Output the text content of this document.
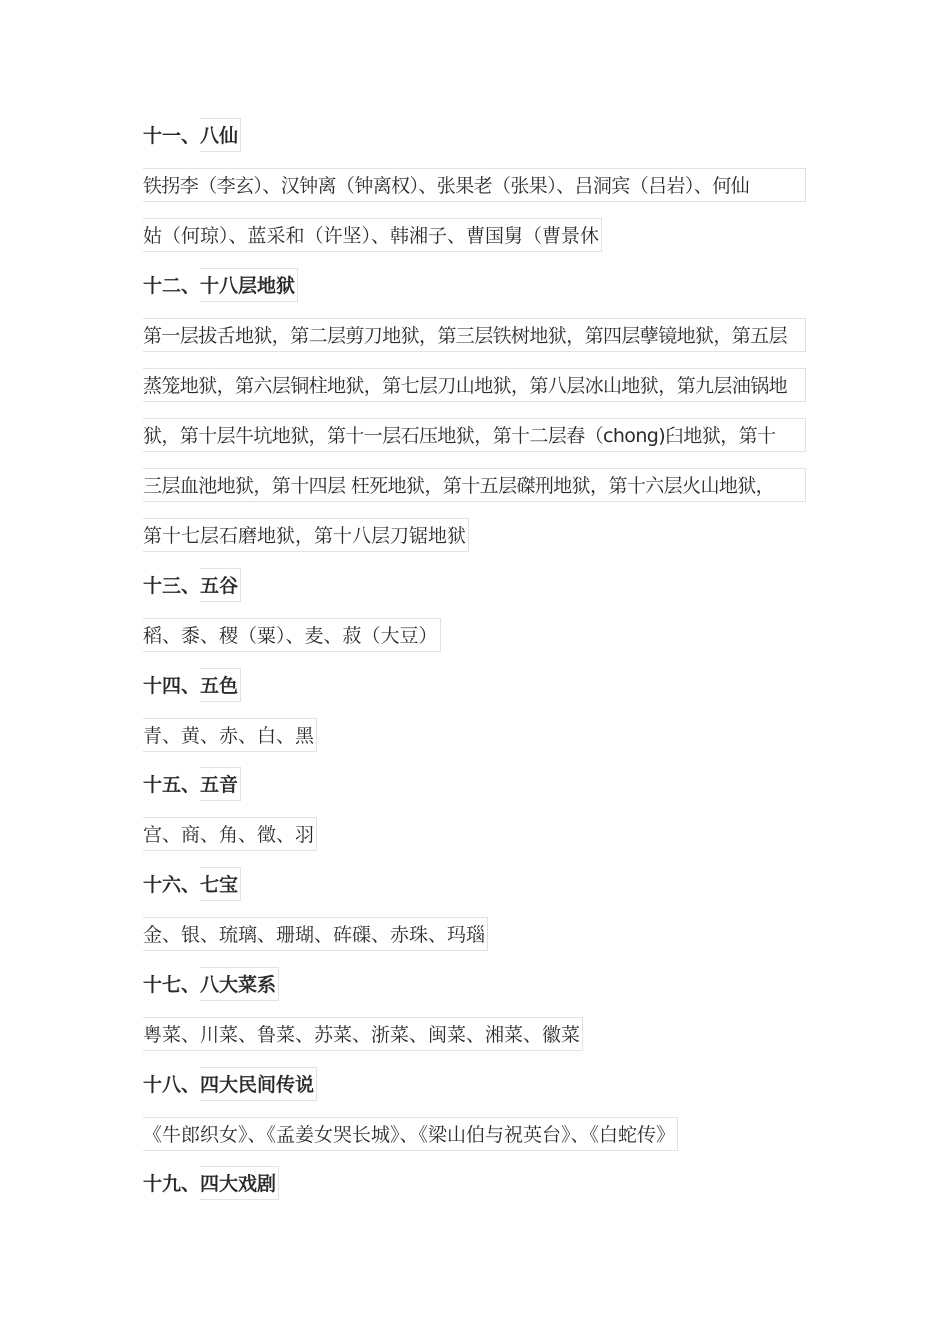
十一、八仙
铁拐李（李玄）、汉钟离（钟离权）、张果老（张果）、吕洞宾（吕岩）、何仙
姑（何琼）、蓝采和（许坚）、韩湘子、曹国舅（曹景休
十二、十八层地狱
第一层拔舌地狱，第二层剪刀地狱，第三层铁树地狱，第四层孽镜地狱，第五层
蒸笼地狱，第六层铜柱地狱，第七层刀山地狱，第八层冰山地狱，第九层油锅地
狱，第十层牛坑地狱，第十一层石压地狱，第十二层舂（chong)臼地狱，第十
三层血池地狱，第十四层 枉死地狱，第十五层磔刑地狱，第十六层火山地狱，
第十七层石磨地狱，第十八层刀锯地狱
十三、五谷
稻、黍、稷（粟）、麦、菽（大豆）
十四、五色
青、黄、赤、白、黑
十五、五音
宫、商、角、徵、羽
十六、七宝
金、银、琉璃、珊瑚、砗磲、赤珠、玛瑙
十七、八大菜系
粤菜、川菜、鲁菜、苏菜、浙菜、闽菜、湘菜、徽菜
十八、四大民间传说
《牛郎织女》、《孟姜女哭长城》、《梁山伯与祝英台》、《白蛇传》
十九、四大戏剧
